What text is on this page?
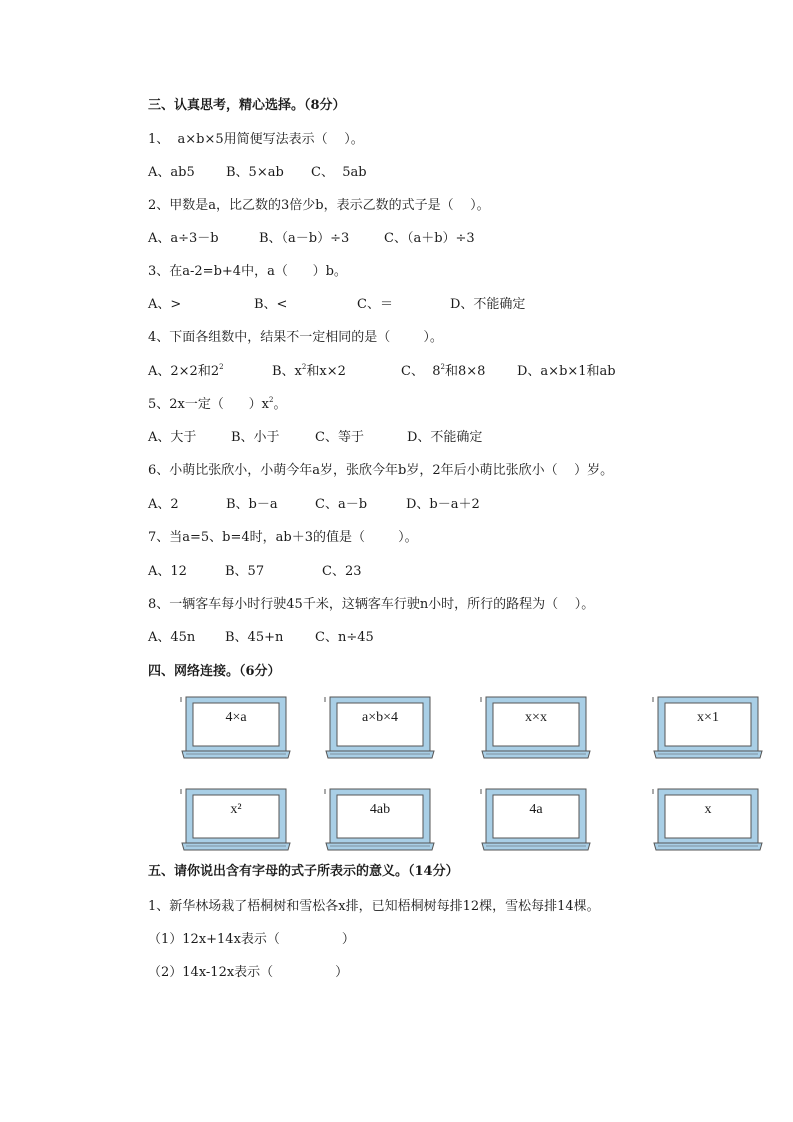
三、认真思考，精心选择。（8分）
1、  a×b×5用简便写法表示（    ）。
A、ab5 B、5×ab C、  5ab
2、甲数是a，比乙数的3倍少b，表示乙数的式子是（    ）。
A、a÷3－b	B、（a－b）÷3	C、（a＋b）÷3
3、在a-2=b+4中，a（      ）b。
A、>	B、<	C、＝	D、不能确定
4、下面各组数中，结果不一定相同的是（        ）。
A、2×2和$2^2$	B、$x^2$和x×2	C、  $8^2$和8×8 D、a×b×1和ab
5、2x一定（      ）$x^2$。
A、大于	B、小于	C、等于	D、不能确定
6、小萌比张欣小，小萌今年a岁，张欣今年b岁，2年后小萌比张欣小（    ）岁。
A、2	B、b－a	C、a－b	D、b－a＋2
7、当a=5、b=4时，ab＋3的值是（        ）。
A、12	B、57	C、23
8、一辆客车每小时行驶45千米，这辆客车行驶n小时，所行的路程为（    ）。
A、45n B、45+n C、n÷45
四、网络连接。（6分）
4×a	a×b×4	x×x	x×1
x²	4ab	4a	x
五、请你说出含有字母的式子所表示的意义。（14分）
1、新华林场栽了梧桐树和雪松各x排，已知梧桐树每排12棵，雪松每排14棵。
（1）12x+14x表示（               ）
（2）14x-12x表示（               ）
